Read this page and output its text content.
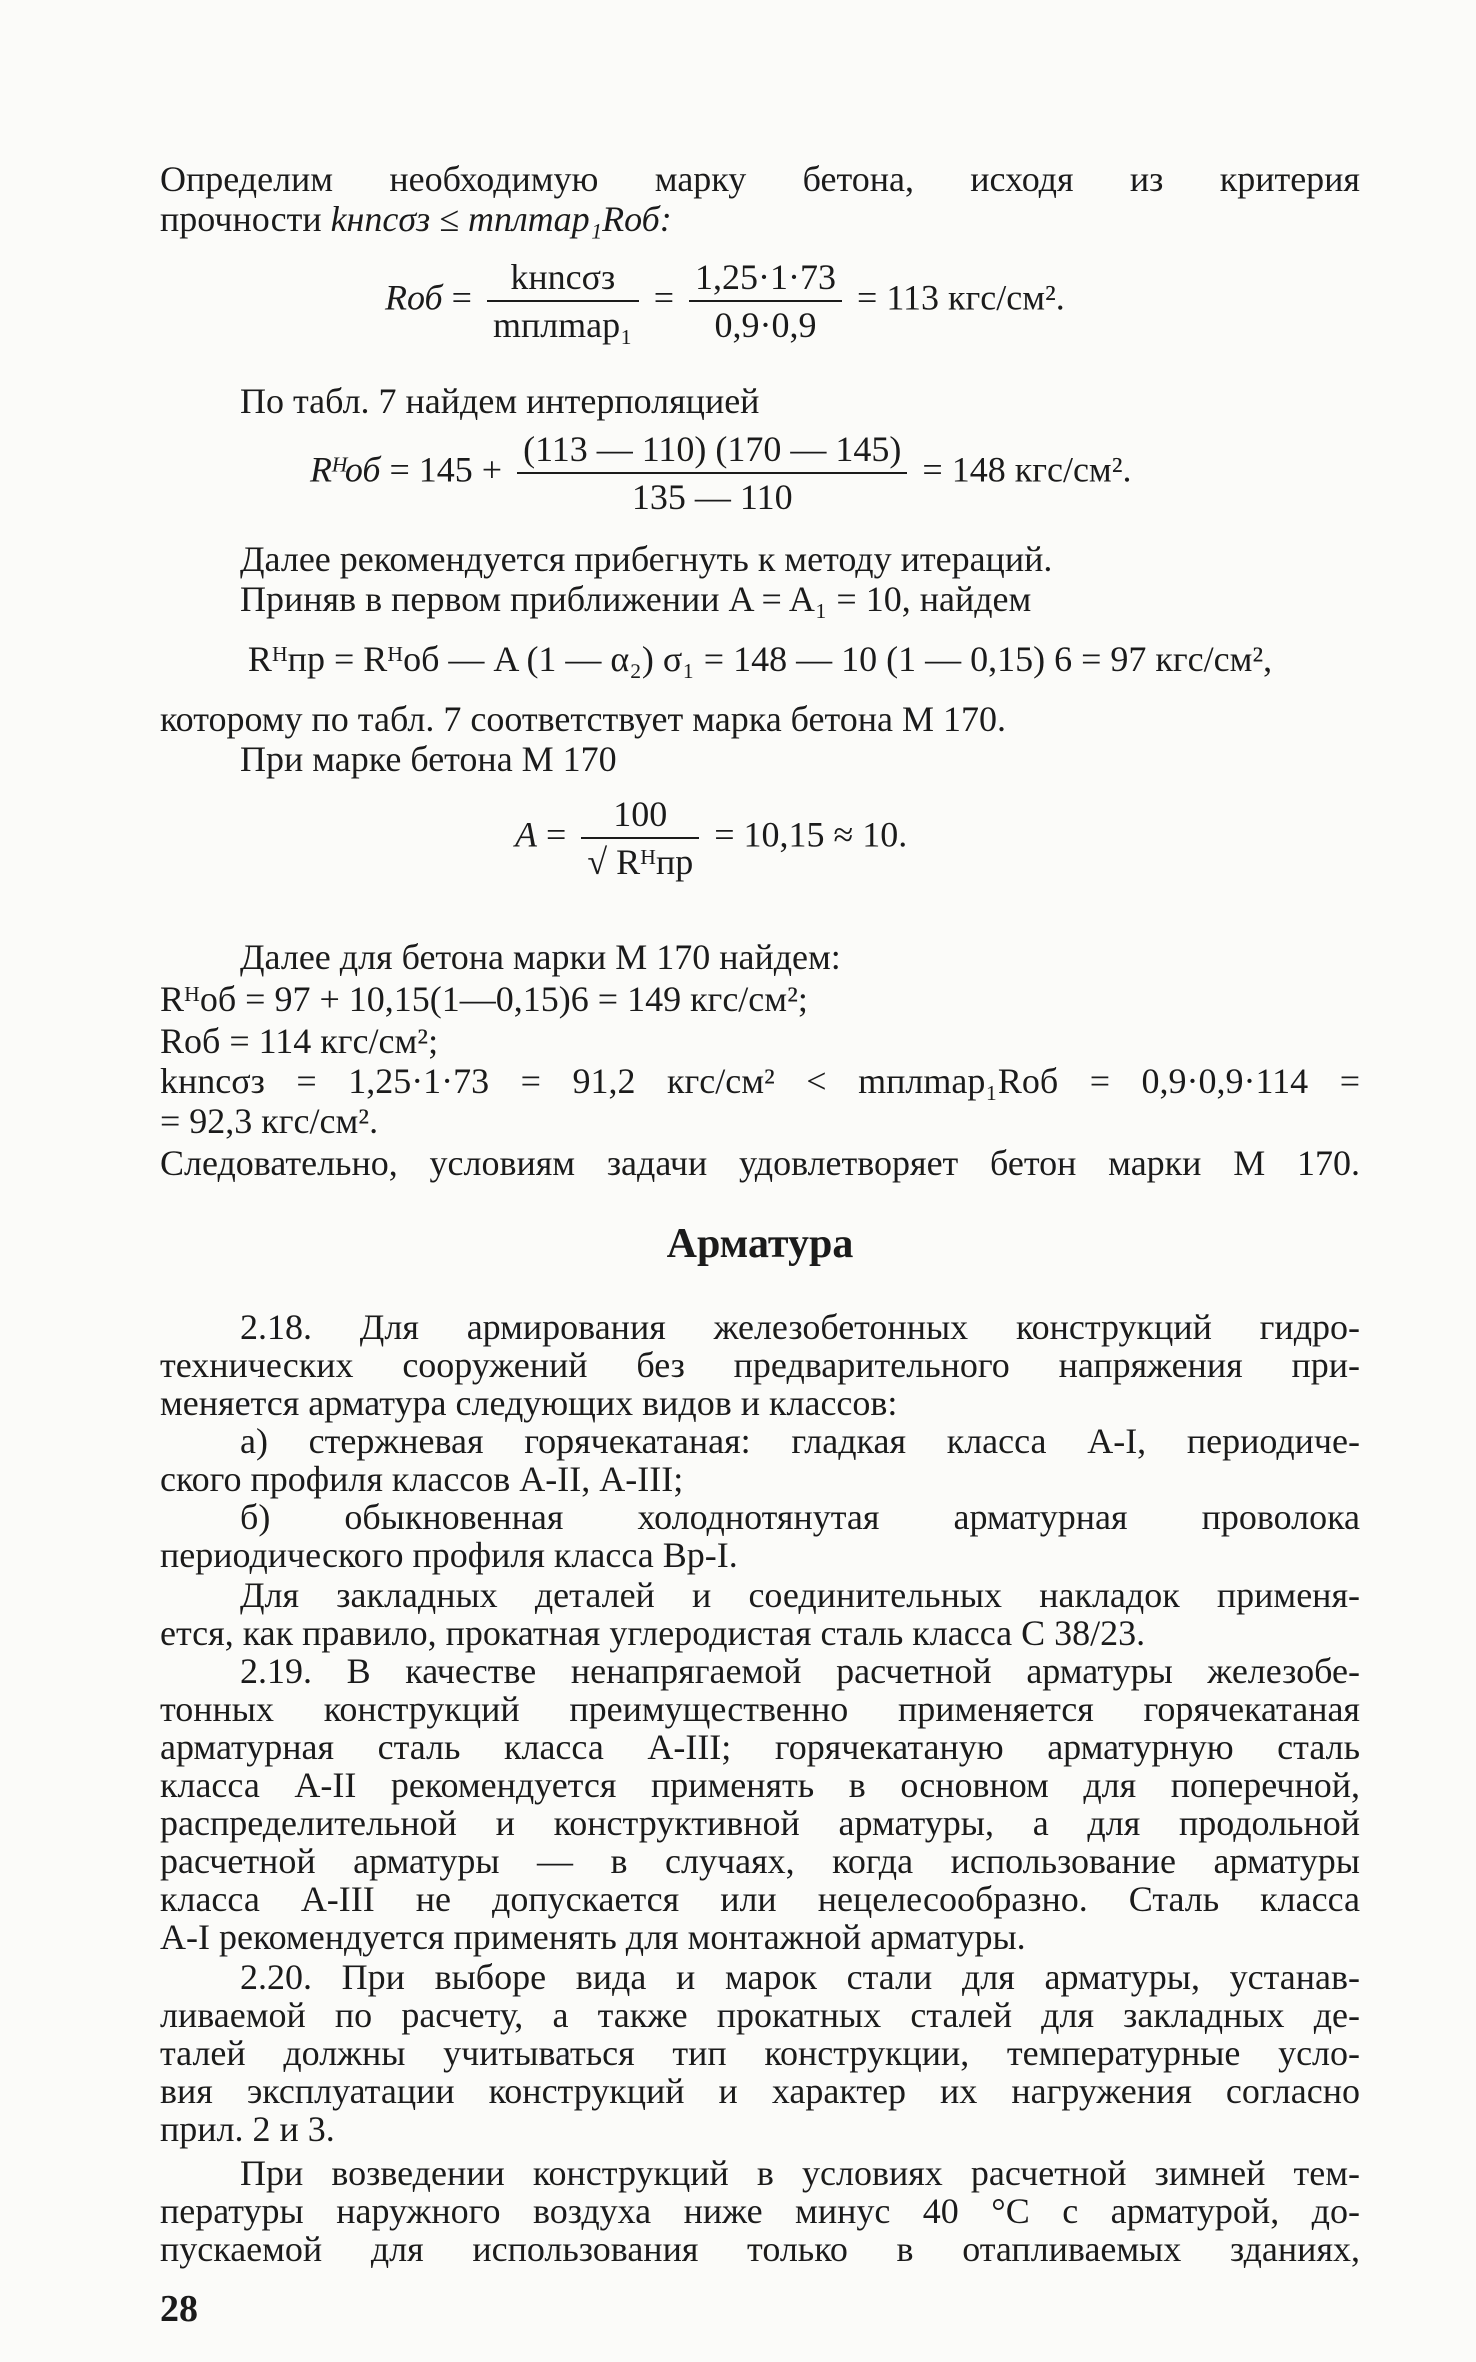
Определим необходимую марку бетона, исходя из критерия
прочности kнnсσз ≤ mплmар₁Rоб:
Rоб = $\frac{\text{kнnсσз}}{\text{mплmар₁}} = \frac{1,25\cdot 1\cdot 73}{0,9\cdot 0,9} = 113$ кгс/см².
По табл. 7 найдем интерполяцией
Rᴴоб = $145 + \frac{(113 — 110) (170 — 145)}{135 — 110} = 148$ кгс/см².
Далее рекомендуется прибегнуть к методу итераций.
Приняв в первом приближении A = A₁ = 10, найдем
Rᴴпр = Rᴴоб — A (1 — α₂) σ₁ = 148 — 10 (1 — 0,15) 6 = 97 кгс/см²,
которому по табл. 7 соответствует марка бетона М 170.
При марке бетона М 170
$A = \frac{100}{\text{√ Rᴴпр}} = 10,15 \approx 10$.
Далее для бетона марки М 170 найдем:
Rᴴоб = 97 + 10,15(1—0,15)6 = 149 кгс/см²;
Rоб = 114 кгс/см²;
kнnсσз = 1,25·1·73 = 91,2 кгс/см² < mплmар₁Rоб = 0,9·0,9·114 =
= 92,3 кгс/см².
Следовательно, условиям задачи удовлетворяет бетон марки М 170.
Арматура
2.18. Для армирования железобетонных конструкций гидро-
технических сооружений без предварительного напряжения при-
меняется арматура следующих видов и классов:
а) стержневая горячекатаная: гладкая класса А-I, периодиче-
ского профиля классов А-II, А-III;
б) обыкновенная холоднотянутая арматурная проволока
периодического профиля класса Вр-I.
Для закладных деталей и соединительных накладок применя-
ется, как правило, прокатная углеродистая сталь класса С 38/23.
2.19. В качестве ненапрягаемой расчетной арматуры железобе-
тонных конструкций преимущественно применяется горячекатаная
арматурная сталь класса А-III; горячекатаную арматурную сталь
класса А-II рекомендуется применять в основном для поперечной,
распределительной и конструктивной арматуры, а для продольной
расчетной арматуры — в случаях, когда использование арматуры
класса А-III не допускается или нецелесообразно. Сталь класса
А-I рекомендуется применять для монтажной арматуры.
2.20. При выборе вида и марок стали для арматуры, устанав-
ливаемой по расчету, а также прокатных сталей для закладных де-
талей должны учитываться тип конструкции, температурные усло-
вия эксплуатации конструкций и характер их нагружения согласно
прил. 2 и 3.
При возведении конструкций в условиях расчетной зимней тем-
пературы наружного воздуха ниже минус 40 °С с арматурой, до-
пускаемой для использования только в отапливаемых зданиях,
28
